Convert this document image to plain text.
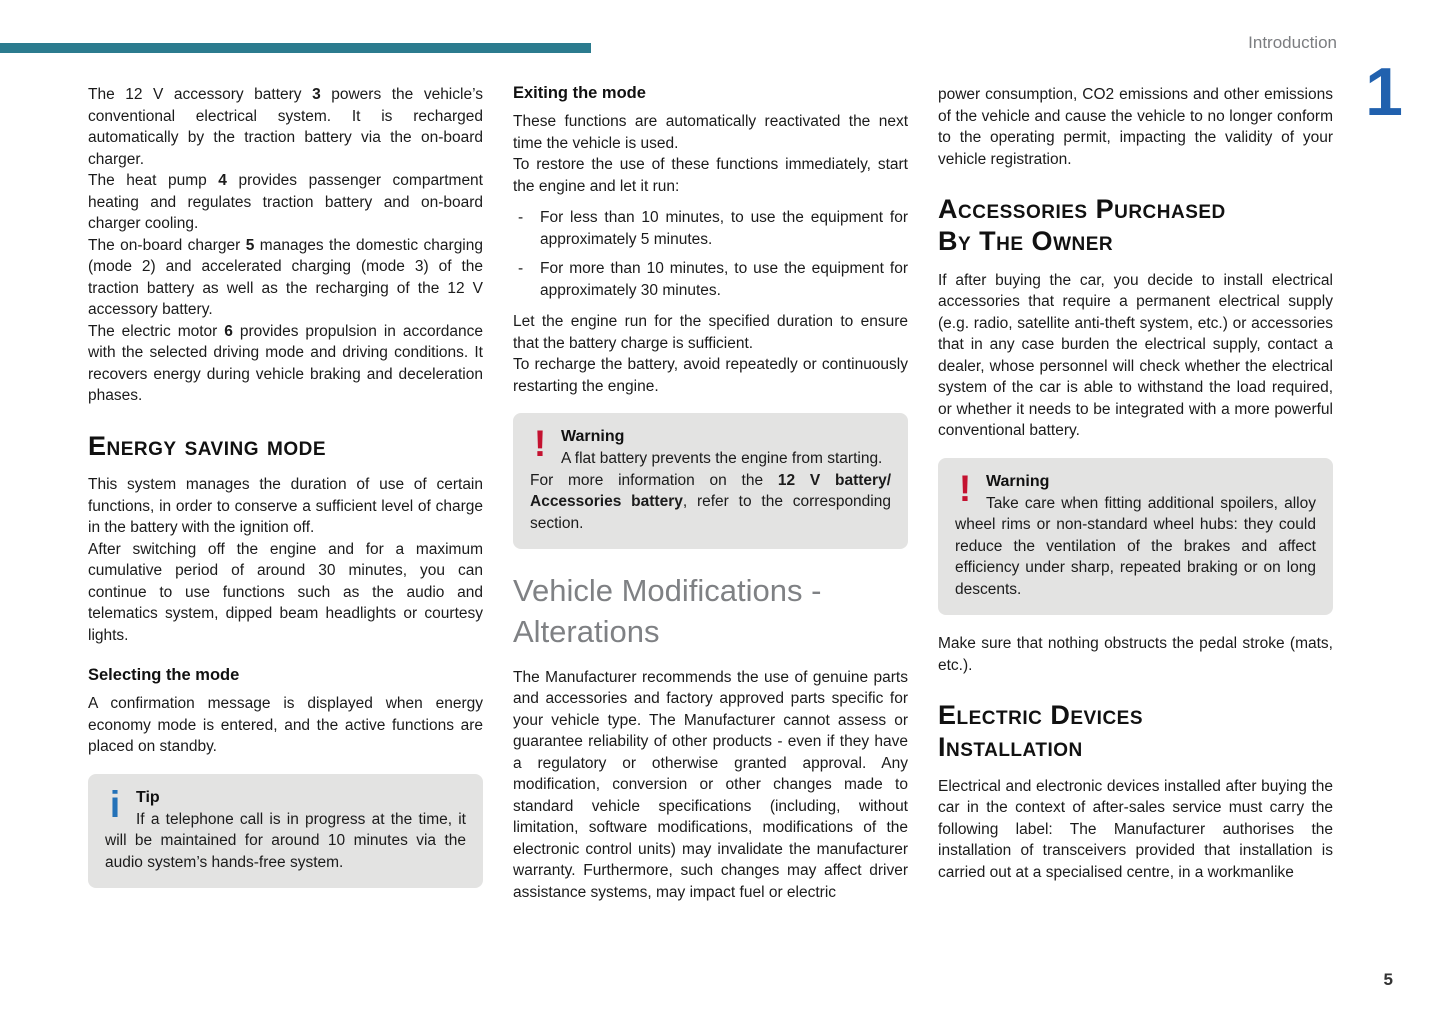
Introduction
1

The 12 V accessory battery 3 powers the vehicle’s conventional electrical system. It is recharged automatically by the traction battery via the on-board charger.

The heat pump 4 provides passenger compartment heating and regulates traction battery and on-board charger cooling.

The on-board charger 5 manages the domestic charging (mode 2) and accelerated charging (mode 3) of the traction battery as well as the recharging of the 12 V accessory battery.

The electric motor 6 provides propulsion in accordance with the selected driving mode and driving conditions. It recovers energy during vehicle braking and deceleration phases.

Energy saving mode

This system manages the duration of use of certain functions, in order to conserve a sufficient level of charge in the battery with the ignition off.

After switching off the engine and for a maximum cumulative period of around 30 minutes, you can continue to use functions such as the audio and telematics system, dipped beam headlights or courtesy lights.

Selecting the mode

A confirmation message is displayed when energy economy mode is entered, and the active functions are placed on standby.

i Tip

If a telephone call is in progress at the time, it will be maintained for around 10 minutes via the audio system’s hands-free system.

Exiting the mode

These functions are automatically reactivated the next time the vehicle is used.

To restore the use of these functions immediately, start the engine and let it run:

-	For less than 10 minutes, to use the equipment for approximately 5 minutes.

-	For more than 10 minutes, to use the equipment for approximately 30 minutes.

Let the engine run for the specified duration to ensure that the battery charge is sufficient.

To recharge the battery, avoid repeatedly or continuously restarting the engine.

! Warning

A flat battery prevents the engine from starting.

For more information on the 12 V battery/ Accessories battery, refer to the corresponding section.

Vehicle Modifications -
Alterations

The Manufacturer recommends the use of genuine parts and accessories and factory approved parts specific for your vehicle type. The Manufacturer cannot assess or guarantee reliability of other products - even if they have a regulatory or otherwise granted approval. Any modification, conversion or other changes made to standard vehicle specifications (including, without limitation, software modifications, modifications of the electronic control units) may invalidate the manufacturer warranty. Furthermore, such changes may affect driver assistance systems, may impact fuel or electric

power consumption, CO2 emissions and other emissions of the vehicle and cause the vehicle to no longer conform to the operating permit, impacting the validity of your vehicle registration.

Accessories Purchased
By The Owner

If after buying the car, you decide to install electrical accessories that require a permanent electrical supply (e.g. radio, satellite anti-theft system, etc.) or accessories that in any case burden the electrical supply, contact a dealer, whose personnel will check whether the electrical system of the car is able to withstand the load required, or whether it needs to be integrated with a more powerful conventional battery.

! Warning

Take care when fitting additional spoilers, alloy wheel rims or non-standard wheel hubs: they could reduce the ventilation of the brakes and affect efficiency under sharp, repeated braking or on long descents.

Make sure that nothing obstructs the pedal stroke (mats, etc.).

Electric Devices
Installation

Electrical and electronic devices installed after buying the car in the context of after-sales service must carry the following label: The Manufacturer authorises the installation of transceivers provided that installation is carried out at a specialised centre, in a workmanlike

5
